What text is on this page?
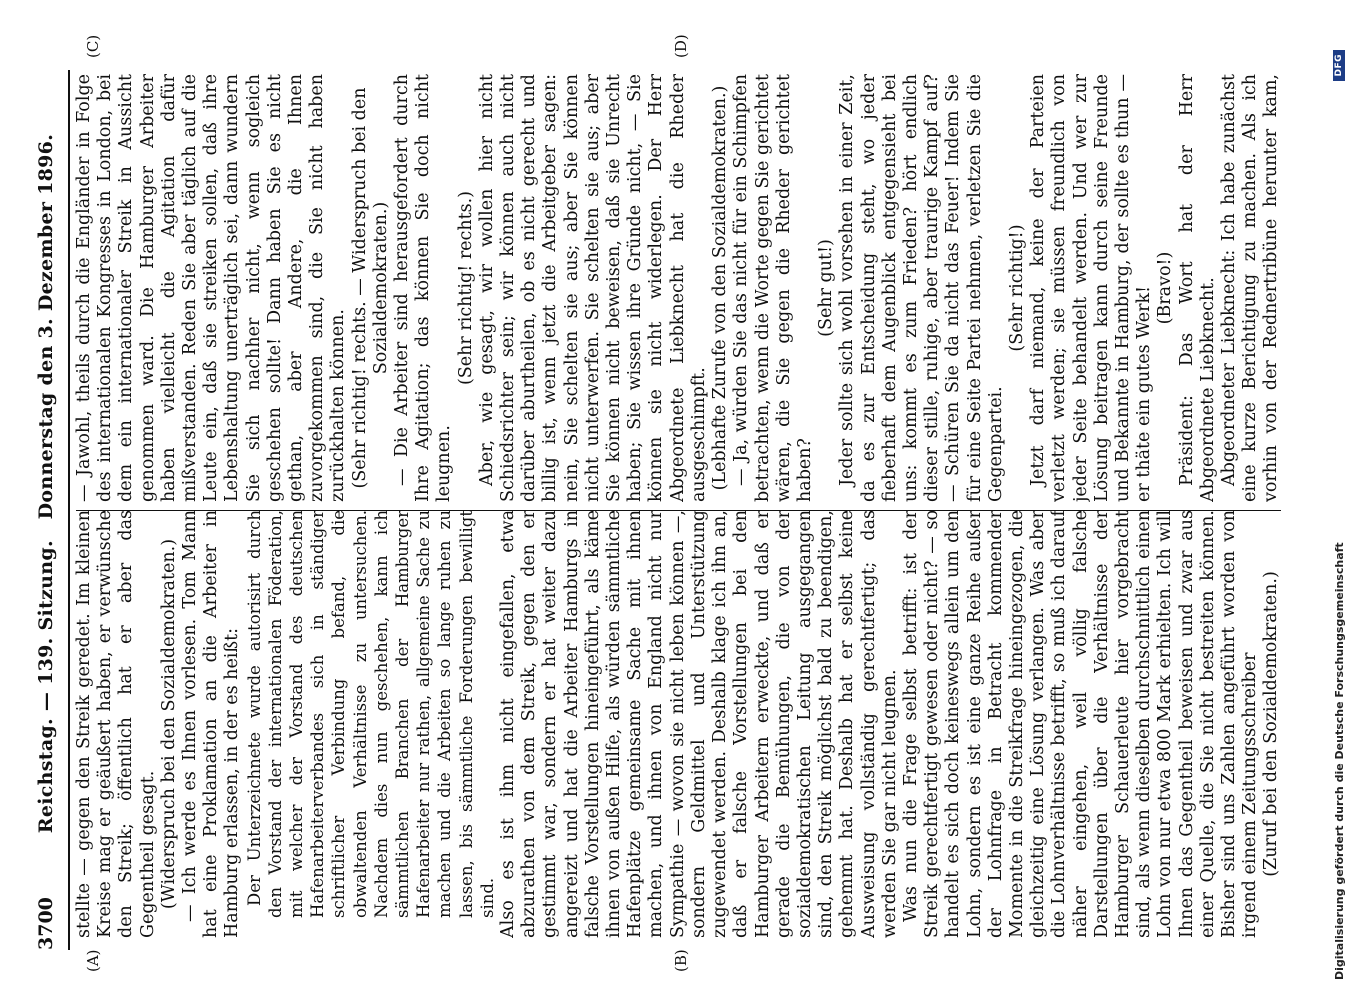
3700
Reichstag. — 139. Sitzung.   Donnerstag den 3. Dezember 1896.
(A)	(B)
(C)	(D)

stellte — gegen den Streik geredet. Im kleinen Kreise mag er geäußert haben, er verwünsche den Streik; öffentlich hat er aber das Gegentheil gesagt. (Widerspruch bei den Sozialdemokraten.) — Ich werde es Ihnen vorlesen. Tom Mann hat eine Proklamation an die Arbeiter in Hamburg erlassen, in der es heißt: Der Unterzeichnete wurde autorisirt durch den Vorstand der internationalen Föderation, mit welcher der Vorstand des deutschen Hafenarbeiterverbandes sich in ständiger schriftlicher Verbindung befand, die obwaltenden Verhältnisse zu untersuchen. Nachdem dies nun geschehen, kann ich sämmtlichen Branchen der Hamburger Hafenarbeiter nur rathen, allgemeine Sache zu machen und die Arbeiten so lange ruhen zu lassen, bis sämmtliche Forderungen bewilligt sind. Also es ist ihm nicht eingefallen, etwa abzurathen von dem Streik, gegen den er gestimmt war, sondern er hat weiter dazu angereizt und hat die Arbeiter Hamburgs in falsche Vorstellungen hineingeführt, als käme ihnen von außen Hilfe, als würden sämmtliche Hafenplätze gemeinsame Sache mit ihnen machen, und ihnen von England nicht nur Sympathie — wovon sie nicht leben können —, sondern Geldmittel und Unterstützung zugewendet werden. Deshalb klage ich ihn an, daß er falsche Vorstellungen bei den Hamburger Arbeitern erweckte, und daß er gerade die Bemühungen, die von der sozialdemokratischen Leitung ausgegangen sind, den Streik möglichst bald zu beendigen, gehemmt hat. Deshalb hat er selbst keine Ausweisung vollständig gerechtfertigt; das werden Sie gar nicht leugnen. Was nun die Frage selbst betrifft: ist der Streik gerechtfertigt gewesen oder nicht? — so handelt es sich doch keineswegs allein um den Lohn, sondern es ist eine ganze Reihe außer der Lohnfrage in Betracht kommender Momente in die Streikfrage hineingezogen, die gleichzeitig eine Lösung verlangen. Was aber die Lohnverhältnisse betrifft, so muß ich darauf näher eingehen, weil völlig falsche Darstellungen über die Verhältnisse der Hamburger Schauerleute hier vorgebracht sind, als wenn dieselben durchschnittlich einen Lohn von nur etwa 800 Mark erhielten. Ich will Ihnen das Gegentheil beweisen und zwar aus einer Quelle, die Sie nicht bestreiten können. Bisher sind uns Zahlen angeführt worden von irgend einem Zeitungsschreiber (Zuruf bei den Sozialdemokraten.)

— Jawohl, theils durch die Engländer in Folge des internationalen Kongresses in London, bei dem ein internationaler Streik in Aussicht genommen ward. Die Hamburger Arbeiter haben vielleicht die Agitation dafür mißverstanden. Reden Sie aber täglich auf die Leute ein, daß sie streiken sollen, daß ihre Lebenshaltung unerträglich sei, dann wundern Sie sich nachher nicht, wenn sogleich geschehen sollte! Dann haben Sie es nicht gethan, aber Andere, die Ihnen zuvorgekommen sind, die Sie nicht haben zurückhalten können. (Sehr richtig! rechts. — Widerspruch bei den Sozialdemokraten.) — Die Arbeiter sind herausgefordert durch Ihre Agitation; das können Sie doch nicht leugnen.

(Sehr richtig! rechts.) Aber, wie gesagt, wir wollen hier nicht Schiedsrichter sein; wir können auch nicht darüber aburtheilen, ob es nicht gerecht und billig ist, wenn jetzt die Arbeitgeber sagen: nein, Sie schelten sie aus; aber Sie können nicht unterwerfen. Sie schelten sie aus; aber Sie können nicht beweisen, daß sie Unrecht haben; Sie wissen ihre Gründe nicht, — Sie können sie nicht widerlegen. Der Herr Abgeordnete Liebknecht hat die Rheder ausgeschimpft. (Lebhafte Zurufe von den Sozialdemokraten.) — Ja, würden Sie das nicht für ein Schimpfen betrachten, wenn die Worte gegen Sie gerichtet wären, die Sie gegen die Rheder gerichtet haben?

(Sehr gut!) Jeder sollte sich wohl vorsehen in einer Zeit, da es zur Entscheidung steht, wo jeder fieberhaft dem Augenblick entgegensieht bei uns: kommt es zum Frieden? hört endlich dieser stille, ruhige, aber traurige Kampf auf? — Schüren Sie da nicht das Feuer! Indem Sie für eine Seite Partei nehmen, verletzen Sie die Gegenpartei.

(Sehr richtig!) Jetzt darf niemand, keine der Parteien verletzt werden; sie müssen freundlich von jeder Seite behandelt werden. Und wer zur Lösung beitragen kann durch seine Freunde und Bekannte in Hamburg, der sollte es thun — er thäte ein gutes Werk! (Bravo!) Präsident: Das Wort hat der Herr Abgeordnete Liebknecht. Abgeordneter Liebknecht: Ich habe zunächst eine kurze Berichtigung zu machen. Als ich vorhin von der Rednertribüne herunter kam,

Digitalisierung gefördert durch die Deutsche Forschungsgemeinschaft
DFG
